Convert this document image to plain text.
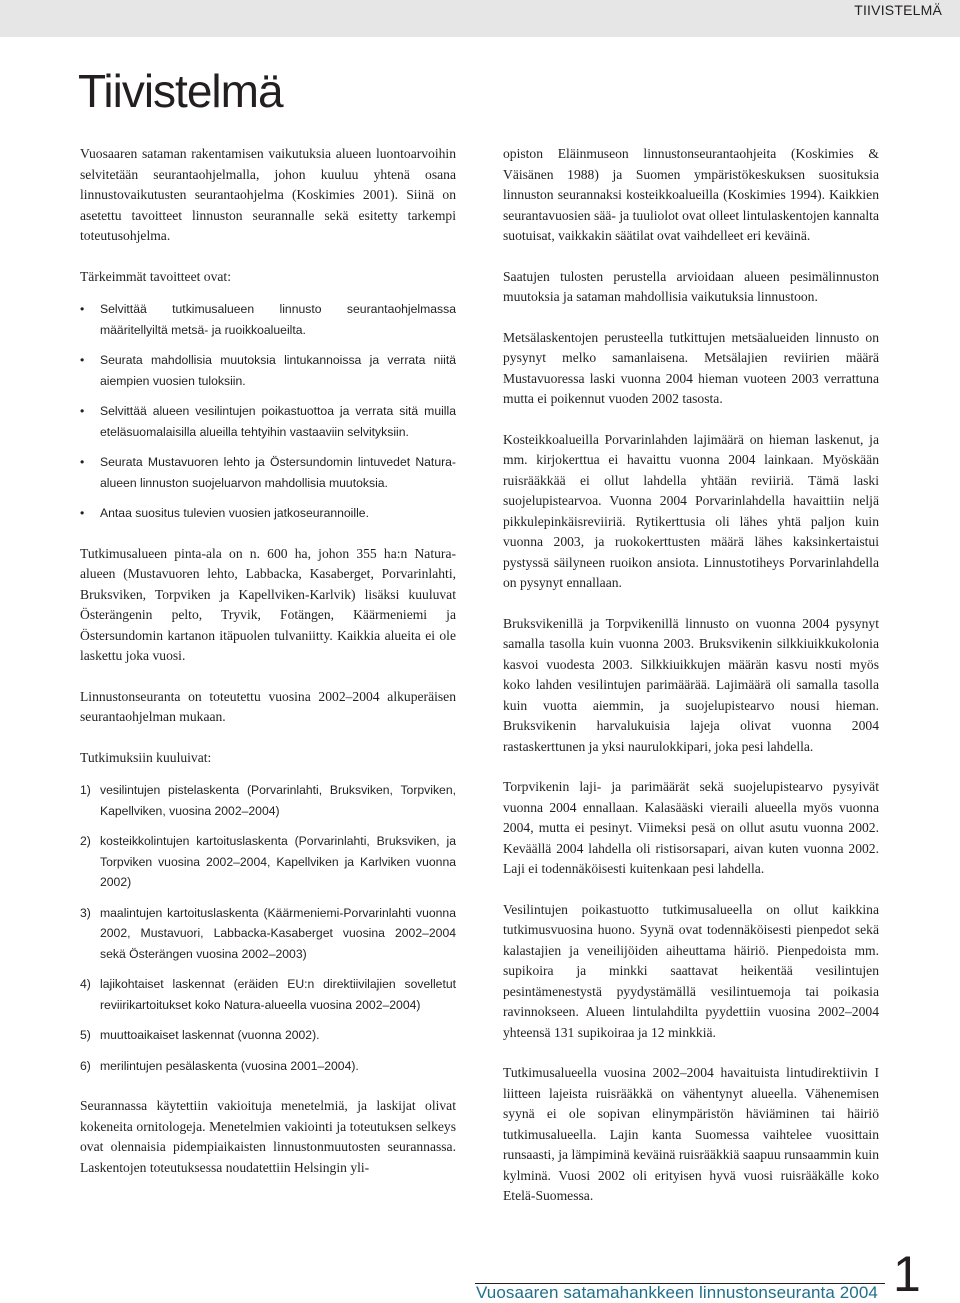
TIIVISTELMÄ
Tiivistelmä

Vuosaaren sataman rakentamisen vaikutuksia alueen luontoarvoihin selvitetään seurantaohjelmalla, johon kuuluu yhtenä osana linnustovaikutusten seurantaohjelma (Koskimies 2001). Siinä on asetettu tavoitteet linnuston seurannalle sekä esitetty tarkempi toteutusohjelma.

Tärkeimmät tavoitteet ovat:

• Selvittää tutkimusalueen linnusto seurantaohjelmassa määritellyiltä metsä- ja ruoikkoalueilta.
• Seurata mahdollisia muutoksia lintukannoissa ja verrata niitä aiempien vuosien tuloksiin.
• Selvittää alueen vesilintujen poikastuottoa ja verrata sitä muilla eteläsuomalaisilla alueilla tehtyihin vastaaviin selvityksiin.
• Seurata Mustavuoren lehto ja Östersundomin lintuvedet Natura-alueen linnuston suojeluarvon mahdollisia muutoksia.
• Antaa suositus tulevien vuosien jatkoseurannoille.

Tutkimusalueen pinta-ala on n. 600 ha, johon 355 ha:n Natura-alueen (Mustavuoren lehto, Labbacka, Kasaberget, Porvarinlahti, Bruksviken, Torpviken ja Kapellviken-Karlvik) lisäksi kuuluvat Österängenin pelto, Tryvik, Fotängen, Käärmeniemi ja Östersundomin kartanon itäpuolen tulvaniitty. Kaikkia alueita ei ole laskettu joka vuosi.

Linnustonseuranta on toteutettu vuosina 2002–2004 alkuperäisen seurantaohjelman mukaan.

Tutkimuksiin kuuluivat:

1) vesilintujen pistelaskenta (Porvarinlahti, Bruksviken, Torpviken, Kapellviken, vuosina 2002–2004)
2) kosteikkolintujen kartoituslaskenta (Porvarinlahti, Bruksviken, ja Torpviken vuosina 2002–2004, Kapellviken ja Karlviken vuonna 2002)
3) maalintujen kartoituslaskenta (Käärmeniemi-Porvarinlahti vuonna 2002, Mustavuori, Labbacka-Kasaberget vuosina 2002–2004 sekä Österängen vuosina 2002–2003)
4) lajikohtaiset laskennat (eräiden EU:n direktiivilajien sovelletut reviirikartoitukset koko Natura-alueella vuosina 2002–2004)
5) muuttoaikaiset laskennat (vuonna 2002).
6) merilintujen pesälaskenta (vuosina 2001–2004).

Seurannassa käytettiin vakioituja menetelmiä, ja laskijat olivat kokeneita ornitologeja. Menetelmien vakiointi ja toteutuksen selkeys ovat olennaisia pidempiaikaisten linnustonmuutosten seurannassa. Laskentojen toteutuksessa noudatettiin Helsingin yli-

opiston Eläinmuseon linnustonseurantaohjeita (Koskimies & Väisänen 1988) ja Suomen ympäristökeskuksen suosituksia linnuston seurannaksi kosteikkoalueilla (Koskimies 1994). Kaikkien seurantavuosien sää- ja tuuliolot ovat olleet lintulaskentojen kannalta suotuisat, vaikkakin säätilat ovat vaihdelleet eri keväinä.

Saatujen tulosten perustella arvioidaan alueen pesimälinnuston muutoksia ja sataman mahdollisia vaikutuksia linnustoon.

Metsälaskentojen perusteella tutkittujen metsäalueiden linnusto on pysynyt melko samanlaisena. Metsälajien reviirien määrä Mustavuoressa laski vuonna 2004 hieman vuoteen 2003 verrattuna mutta ei poikennut vuoden 2002 tasosta.

Kosteikkoalueilla Porvarinlahden lajimäärä on hieman laskenut, ja mm. kirjokerttua ei havaittu vuonna 2004 lainkaan. Myöskään ruisrääkkää ei ollut lahdella yhtään reviiriä. Tämä laski suojelupistearvoa. Vuonna 2004 Porvarinlahdella havaittiin neljä pikkulepinkäisreviiriä. Rytikerttusia oli lähes yhtä paljon kuin vuonna 2003, ja ruokokerttusten määrä lähes kaksinkertaistui pystyssä säilyneen ruoikon ansiota. Linnustotiheys Porvarinlahdella on pysynyt ennallaan.

Bruksvikenillä ja Torpvikenillä linnusto on vuonna 2004 pysynyt samalla tasolla kuin vuonna 2003. Bruksvikenin silkkiuikkukolonia kasvoi vuodesta 2003. Silkkiuikkujen määrän kasvu nosti myös koko lahden vesilintujen parimäärää. Lajimäärä oli samalla tasolla kuin vuotta aiemmin, ja suojelupistearvo nousi hieman. Bruksvikenin harvalukuisia lajeja olivat vuonna 2004 rastaskerttunen ja yksi naurulokkipari, joka pesi lahdella.

Torpvikenin laji- ja parimäärät sekä suojelupistearvo pysyivät vuonna 2004 ennallaan. Kalasääski vieraili alueella myös vuonna 2004, mutta ei pesinyt. Viimeksi pesä on ollut asutu vuonna 2002. Keväällä 2004 lahdella oli ristisorsapari, aivan kuten vuonna 2002. Laji ei todennäköisesti kuitenkaan pesi lahdella.

Vesilintujen poikastuotto tutkimusalueella on ollut kaikkina tutkimusvuosina huono. Syynä ovat todennäköisesti pienpedot sekä kalastajien ja veneilijöiden aiheuttama häiriö. Pienpedoista mm. supikoira ja minkki saattavat heikentää vesilintujen pesintämenestystä pyydystämällä vesilintuemoja tai poikasia ravinnokseen. Alueen lintulahdilta pyydettiin vuosina 2002–2004 yhteensä 131 supikoiraa ja 12 minkkiä.

Tutkimusalueella vuosina 2002–2004 havaituista lintudirektiivin I liitteen lajeista ruisrääkkä on vähentynyt alueella. Vähenemisen syynä ei ole sopivan elinympäristön häviäminen tai häiriö tutkimusalueella. Lajin kanta Suomessa vaihtelee vuosittain runsaasti, ja lämpiminä keväinä ruisrääkkiä saapuu runsaammin kuin kylminä. Vuosi 2002 oli erityisen hyvä vuosi ruisrääkälle koko Etelä-Suomessa.

Vuosaaren satamahankkeen linnustonseuranta 2004 1
